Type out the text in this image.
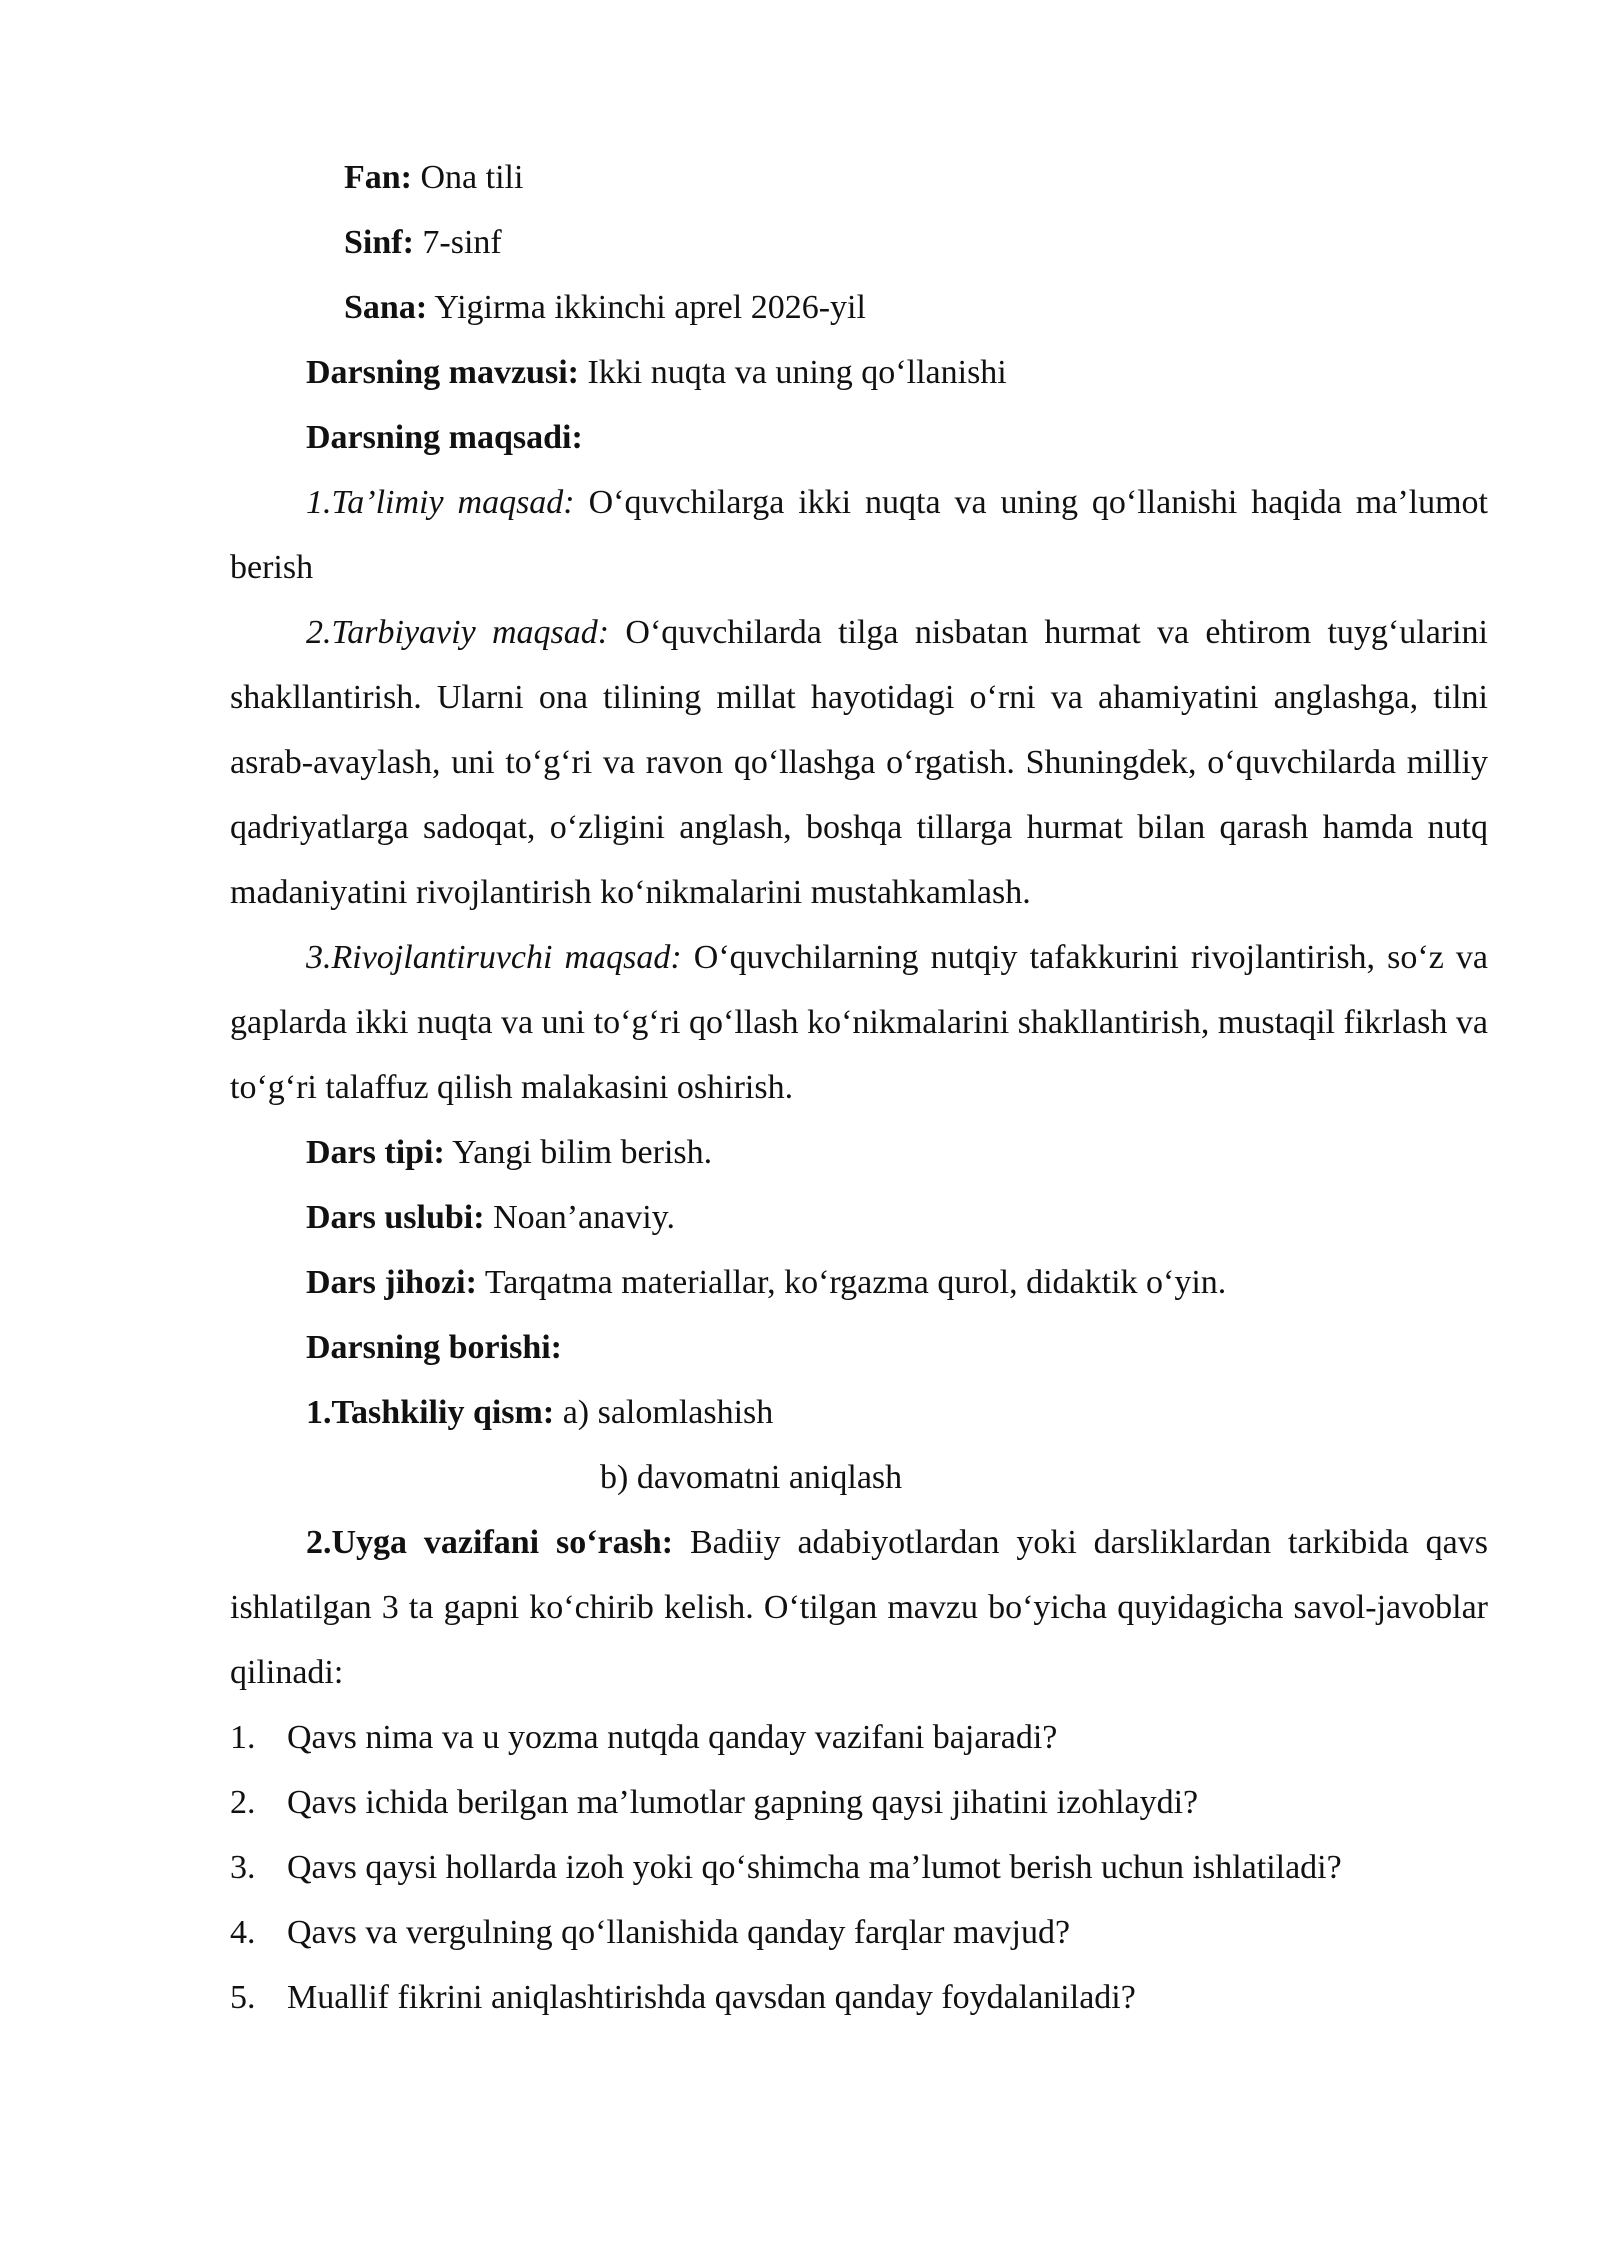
Fan: Ona tili
Sinf: 7-sinf
Sana: Yigirma ikkinchi aprel 2026-yil
Darsning mavzusi: Ikki nuqta va uning qo‘llanishi
Darsning maqsadi:

1.Ta’limiy maqsad: O‘quvchilarga ikki nuqta va uning qo‘llanishi haqida ma’lumot berish

2.Tarbiyaviy maqsad: O‘quvchilarda tilga nisbatan hurmat va ehtirom tuyg‘ularini shakllantirish. Ularni ona tilining millat hayotidagi o‘rni va ahamiyatini anglashga, tilni asrab-avaylash, uni to‘g‘ri va ravon qo‘llashga o‘rgatish. Shuningdek, o‘quvchilarda milliy qadriyatlarga sadoqat, o‘zligini anglash, boshqa tillarga hurmat bilan qarash hamda nutq madaniyatini rivojlantirish ko‘nikmalarini mustahkamlash.

3.Rivojlantiruvchi maqsad: O‘quvchilarning nutqiy tafakkurini rivojlantirish, so‘z va gaplarda ikki nuqta va uni to‘g‘ri qo‘llash ko‘nikmalarini shakllantirish, mustaqil fikrlash va to‘g‘ri talaffuz qilish malakasini oshirish.

Dars tipi: Yangi bilim berish.
Dars uslubi: Noan’anaviy.
Dars jihozi: Tarqatma materiallar, ko‘rgazma qurol, didaktik o‘yin.
Darsning borishi:
1.Tashkiliy qism: a) salomlashish
b) davomatni aniqlash

2.Uyga vazifani so‘rash: Badiiy adabiyotlardan yoki darsliklardan tarkibida qavs ishlatilgan 3 ta gapni ko‘chirib kelish. O‘tilgan mavzu bo‘yicha quyidagicha savol-javoblar qilinadi:

1. Qavs nima va u yozma nutqda qanday vazifani bajaradi?
2. Qavs ichida berilgan ma’lumotlar gapning qaysi jihatini izohlaydi?
3. Qavs qaysi hollarda izoh yoki qo‘shimcha ma’lumot berish uchun ishlatiladi?
4. Qavs va vergulning qo‘llanishida qanday farqlar mavjud?
5. Muallif fikrini aniqlashtirishda qavsdan qanday foydalaniladi?
